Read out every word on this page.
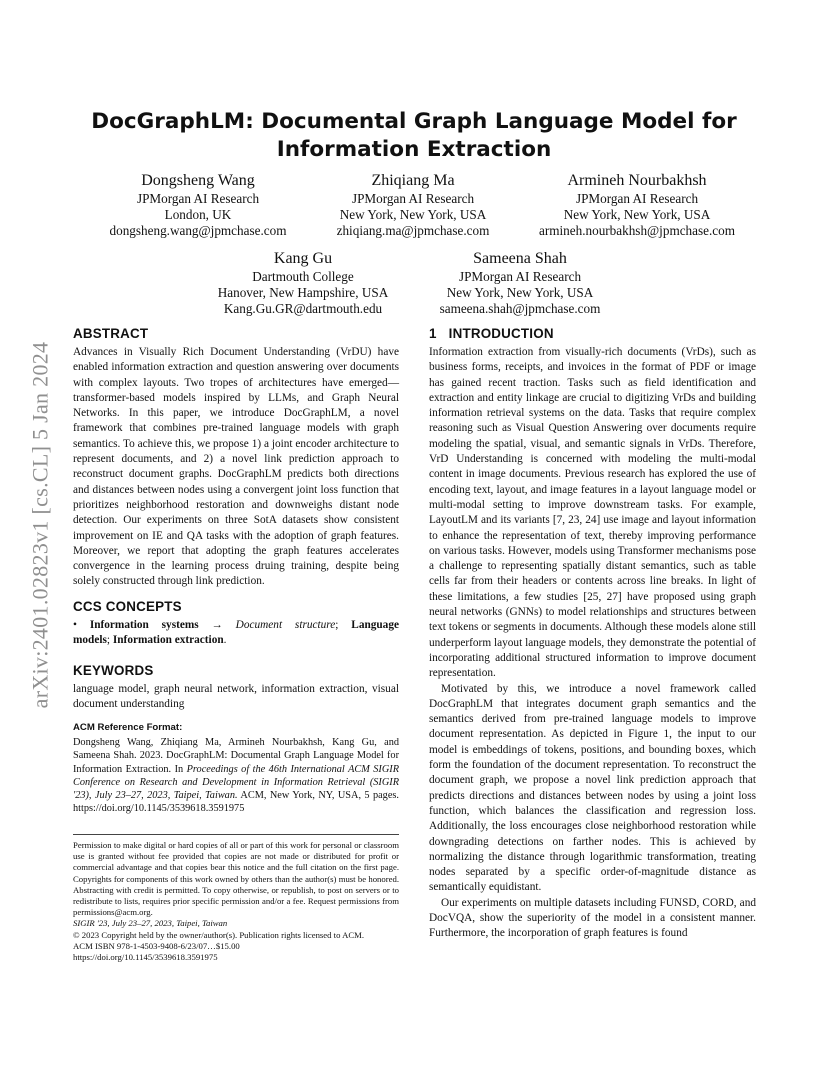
arXiv:2401.02823v1 [cs.CL] 5 Jan 2024
DocGraphLM: Documental Graph Language Model for
Information Extraction
Dongsheng Wang
JPMorgan AI Research
London, UK
dongsheng.wang@jpmchase.com
Zhiqiang Ma
JPMorgan AI Research
New York, New York, USA
zhiqiang.ma@jpmchase.com
Armineh Nourbakhsh
JPMorgan AI Research
New York, New York, USA
armineh.nourbakhsh@jpmchase.com
Kang Gu
Dartmouth College
Hanover, New Hampshire, USA
Kang.Gu.GR@dartmouth.edu
Sameena Shah
JPMorgan AI Research
New York, New York, USA
sameena.shah@jpmchase.com
ABSTRACT

Advances in Visually Rich Document Understanding (VrDU) have enabled information extraction and question answering over documents with complex layouts. Two tropes of architectures have emerged—transformer-based models inspired by LLMs, and Graph Neural Networks. In this paper, we introduce DocGraphLM, a novel framework that combines pre-trained language models with graph semantics. To achieve this, we propose 1) a joint encoder architecture to represent documents, and 2) a novel link prediction approach to reconstruct document graphs. DocGraphLM predicts both directions and distances between nodes using a convergent joint loss function that prioritizes neighborhood restoration and downweighs distant node detection. Our experiments on three SotA datasets show consistent improvement on IE and QA tasks with the adoption of graph features. Moreover, we report that adopting the graph features accelerates convergence in the learning process druing training, despite being solely constructed through link prediction.

CCS CONCEPTS

• Information systems → Document structure; Language models; Information extraction.

KEYWORDS

language model, graph neural network, information extraction, visual document understanding

ACM Reference Format:

Dongsheng Wang, Zhiqiang Ma, Armineh Nourbakhsh, Kang Gu, and Sameena Shah. 2023. DocGraphLM: Documental Graph Language Model for Information Extraction. In Proceedings of the 46th International ACM SIGIR Conference on Research and Development in Information Retrieval (SIGIR '23), July 23–27, 2023, Taipei, Taiwan. ACM, New York, NY, USA, 5 pages. https://doi.org/10.1145/3539618.3591975

Permission to make digital or hard copies of all or part of this work for personal or classroom use is granted without fee provided that copies are not made or distributed for profit or commercial advantage and that copies bear this notice and the full citation on the first page. Copyrights for components of this work owned by others than the author(s) must be honored. Abstracting with credit is permitted. To copy otherwise, or republish, to post on servers or to redistribute to lists, requires prior specific permission and/or a fee. Request permissions from permissions@acm.org.

SIGIR '23, July 23–27, 2023, Taipei, Taiwan

© 2023 Copyright held by the owner/author(s). Publication rights licensed to ACM.

ACM ISBN 978-1-4503-9408-6/23/07…$15.00

https://doi.org/10.1145/3539618.3591975

1 INTRODUCTION

Information extraction from visually-rich documents (VrDs), such as business forms, receipts, and invoices in the format of PDF or image has gained recent traction. Tasks such as field identification and extraction and entity linkage are crucial to digitizing VrDs and building information retrieval systems on the data. Tasks that require complex reasoning such as Visual Question Answering over documents require modeling the spatial, visual, and semantic signals in VrDs. Therefore, VrD Understanding is concerned with modeling the multi-modal content in image documents. Previous research has explored the use of encoding text, layout, and image features in a layout language model or multi-modal setting to improve downstream tasks. For example, LayoutLM and its variants [7, 23, 24] use image and layout information to enhance the representation of text, thereby improving performance on various tasks. However, models using Transformer mechanisms pose a challenge to representing spatially distant semantics, such as table cells far from their headers or contents across line breaks. In light of these limitations, a few studies [25, 27] have proposed using graph neural networks (GNNs) to model relationships and structures between text tokens or segments in documents. Although these models alone still underperform layout language models, they demonstrate the potential of incorporating additional structured information to improve document representation.

Motivated by this, we introduce a novel framework called DocGraphLM that integrates document graph semantics and the semantics derived from pre-trained language models to improve document representation. As depicted in Figure 1, the input to our model is embeddings of tokens, positions, and bounding boxes, which form the foundation of the document representation. To reconstruct the document graph, we propose a novel link prediction approach that predicts directions and distances between nodes by using a joint loss function, which balances the classification and regression loss. Additionally, the loss encourages close neighborhood restoration while downgrading detections on farther nodes. This is achieved by normalizing the distance through logarithmic transformation, treating nodes separated by a specific order-of-magnitude distance as semantically equidistant.

Our experiments on multiple datasets including FUNSD, CORD, and DocVQA, show the superiority of the model in a consistent manner. Furthermore, the incorporation of graph features is found
